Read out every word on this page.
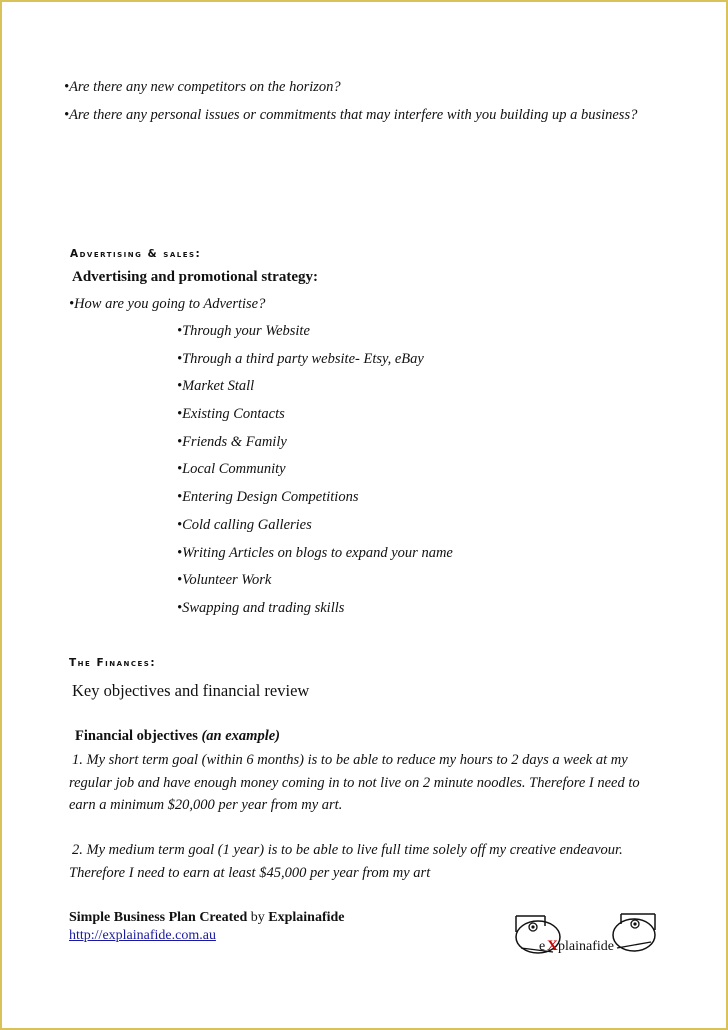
•Are there any new competitors on the horizon?
•Are there any personal issues or commitments that may interfere with you building up a business?
Advertising & sales:
Advertising and promotional strategy:
•How are you going to Advertise?
•Through your Website
•Through a third party website- Etsy, eBay
•Market Stall
•Existing Contacts
•Friends & Family
•Local Community
•Entering Design Competitions
•Cold calling Galleries
•Writing Articles on blogs to expand your name
•Volunteer Work
•Swapping and trading skills
The Finances:
Key objectives and financial review
Financial objectives (an example)
1. My short term goal (within 6 months) is to be able to reduce my hours to 2 days a week at my regular job and have enough money coming in to not live on 2 minute noodles. Therefore I need to earn a minimum $20,000 per year from my art.
2. My medium term goal (1 year) is to be able to live full time solely off my creative endeavour. Therefore I need to earn at least $45,000 per year from my art
Simple Business Plan Created by Explainafide
http://explainafide.com.au
e X plainafide
